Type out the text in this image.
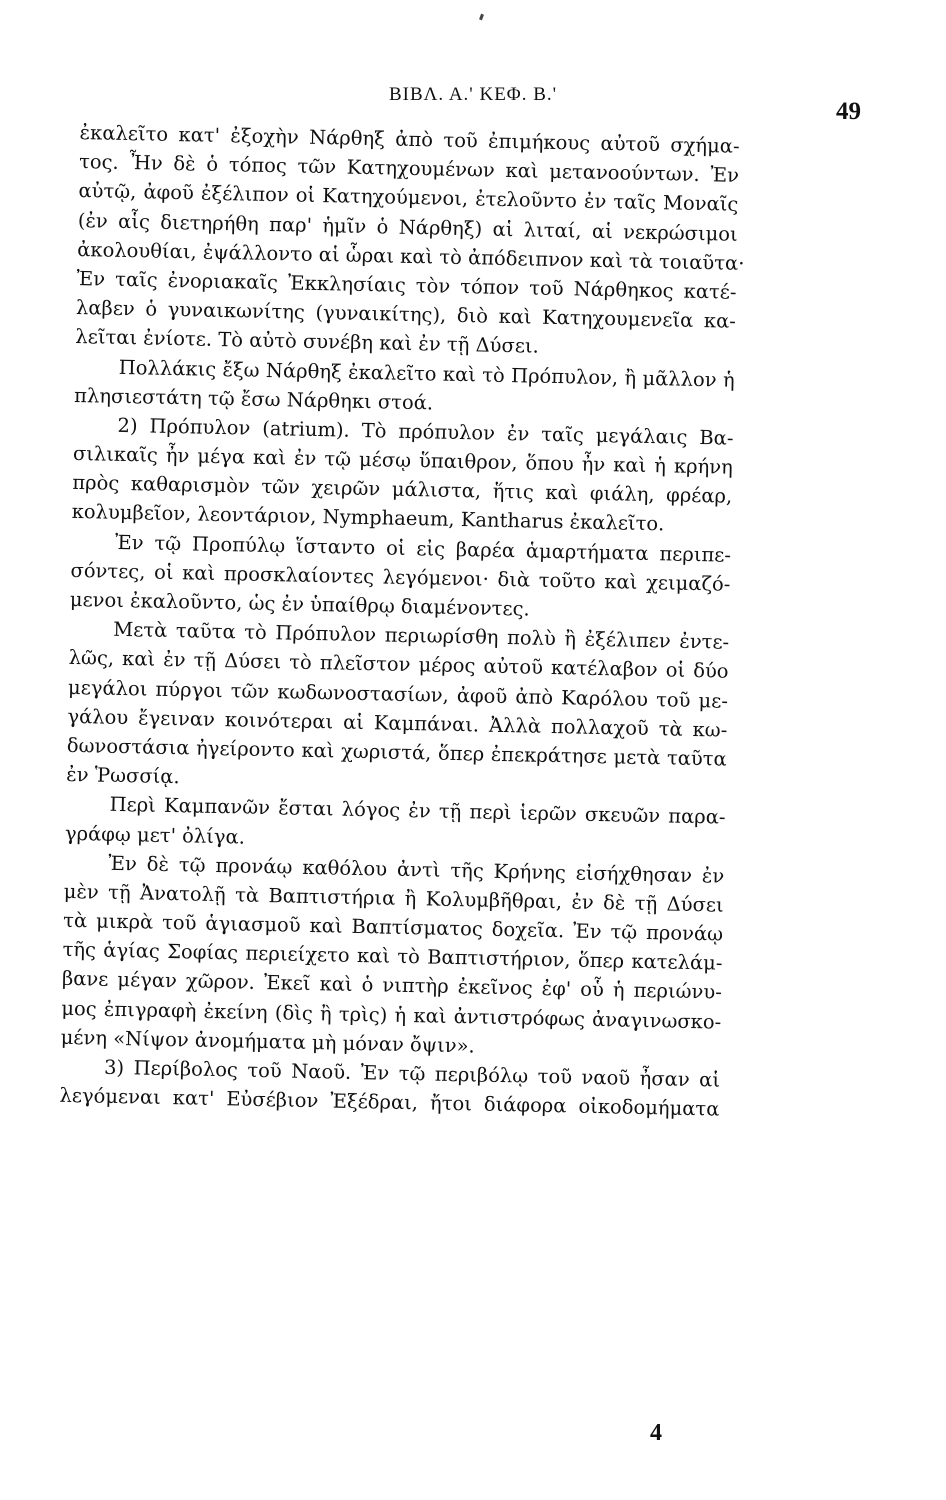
ΒΙΒΛ. Α.' ΚΕΦ. Β.'
49
ἐκαλεῖτο κατ' ἐξοχὴν Νάρθηξ ἀπὸ τοῦ ἐπιμήκους αὐτοῦ σχήμα-
τος. Ἦν δὲ ὁ τόπος τῶν Κατηχουμένων καὶ μετανοούντων. Ἐν
αὐτῷ, ἀφοῦ ἐξέλιπον οἱ Κατηχούμενοι, ἐτελοῦντο ἐν ταῖς Μοναῖς
(ἐν αἷς διετηρήθη παρ' ἡμῖν ὁ Νάρθηξ) αἱ λιταί, αἱ νεκρώσιμοι
ἀκολουθίαι, ἐψάλλοντο αἱ ὧραι καὶ τὸ ἀπόδειπνον καὶ τὰ τοιαῦτα·
Ἐν ταῖς ἐνοριακαῖς Ἐκκλησίαις τὸν τόπον τοῦ Νάρθηκος κατέ-
λαβεν ὁ γυναικωνίτης (γυναικίτης), διὸ καὶ Κατηχουμενεῖα κα-
λεῖται ἐνίοτε. Τὸ αὐτὸ συνέβη καὶ ἐν τῇ Δύσει.
Πολλάκις ἔξω Νάρθηξ ἐκαλεῖτο καὶ τὸ Πρόπυλον, ἢ μᾶλλον ἡ
πλησιεστάτη τῷ ἔσω Νάρθηκι στοά.
2) Πρόπυλον (atrium). Τὸ πρόπυλον ἐν ταῖς μεγάλαις Βα-
σιλικαῖς ἦν μέγα καὶ ἐν τῷ μέσῳ ὕπαιθρον, ὅπου ἦν καὶ ἡ κρήνη
πρὸς καθαρισμὸν τῶν χειρῶν μάλιστα, ἥτις καὶ φιάλη, φρέαρ,
κολυμβεῖον, λεοντάριον, Nymphaeum, Kantharus ἐκαλεῖτο.
Ἐν τῷ Προπύλῳ ἵσταντο οἱ εἰς βαρέα ἁμαρτήματα περιπε-
σόντες, οἱ καὶ προσκλαίοντες λεγόμενοι· διὰ τοῦτο καὶ χειμαζό-
μενοι ἐκαλοῦντο, ὡς ἐν ὑπαίθρῳ διαμένοντες.
Μετὰ ταῦτα τὸ Πρόπυλον περιωρίσθη πολὺ ἢ ἐξέλιπεν ἐντε-
λῶς, καὶ ἐν τῇ Δύσει τὸ πλεῖστον μέρος αὐτοῦ κατέλαβον οἱ δύο
μεγάλοι πύργοι τῶν κωδωνοστασίων, ἀφοῦ ἀπὸ Καρόλου τοῦ με-
γάλου ἔγειναν κοινότεραι αἱ Καμπάναι. Ἀλλὰ πολλαχοῦ τὰ κω-
δωνοστάσια ἠγείροντο καὶ χωριστά, ὅπερ ἐπεκράτησε μετὰ ταῦτα
ἐν Ῥωσσίᾳ.
Περὶ Καμπανῶν ἔσται λόγος ἐν τῇ περὶ ἱερῶν σκευῶν παρα-
γράφῳ μετ' ὀλίγα.
Ἐν δὲ τῷ προνάῳ καθόλου ἀντὶ τῆς Κρήνης εἰσήχθησαν ἐν
μὲν τῇ Ἀνατολῇ τὰ Βαπτιστήρια ἢ Κολυμβῆθραι, ἐν δὲ τῇ Δύσει
τὰ μικρὰ τοῦ ἁγιασμοῦ καὶ Βαπτίσματος δοχεῖα. Ἐν τῷ προνάῳ
τῆς ἁγίας Σοφίας περιείχετο καὶ τὸ Βαπτιστήριον, ὅπερ κατελάμ-
βανε μέγαν χῶρον. Ἐκεῖ καὶ ὁ νιπτὴρ ἐκεῖνος ἐφ' οὗ ἡ περιώνυ-
μος ἐπιγραφὴ ἐκείνη (δὶς ἢ τρὶς) ἡ καὶ ἀντιστρόφως ἀναγινωσκο-
μένη «Νίψον ἀνομήματα μὴ μόναν ὄψιν».
3) Περίβολος τοῦ Ναοῦ. Ἐν τῷ περιβόλῳ τοῦ ναοῦ ἦσαν αἱ
λεγόμεναι κατ' Εὐσέβιον Ἐξέδραι, ἤτοι διάφορα οἰκοδομήματα
4
